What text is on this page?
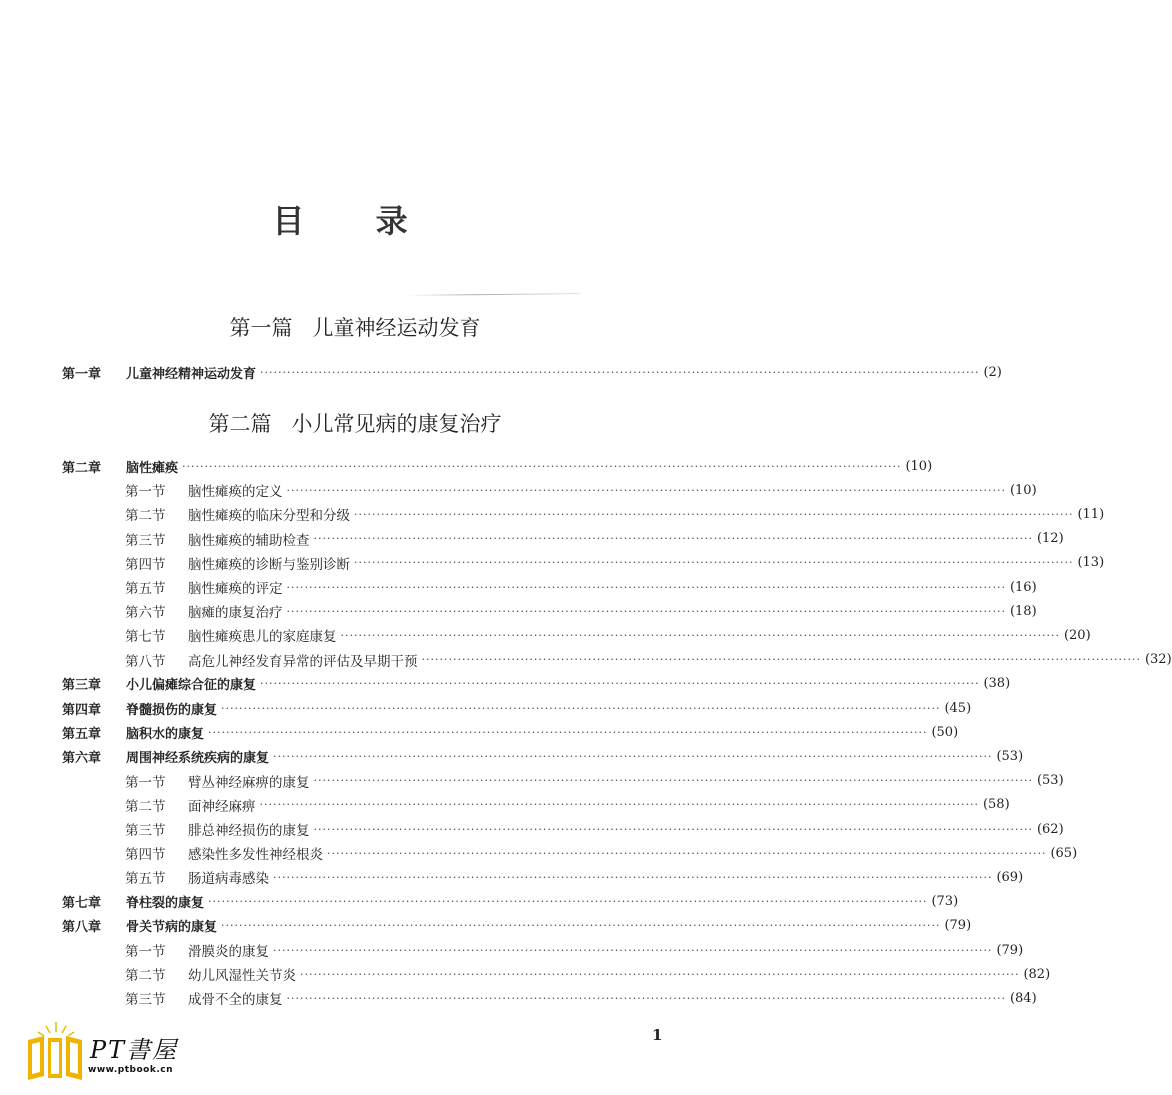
目 录
第一篇   儿童神经运动发育
第二篇   小儿常见病的康复治疗
第一章 儿童神经精神运动发育 ································································································································································ (2)
第二章 脑性瘫痪 ································································································································································ (10)
第一节 脑性瘫痪的定义 ································································································································································ (10)
第二节 脑性瘫痪的临床分型和分级 ································································································································································ (11)
第三节 脑性瘫痪的辅助检查 ································································································································································ (12)
第四节 脑性瘫痪的诊断与鉴别诊断 ································································································································································ (13)
第五节 脑性瘫痪的评定 ································································································································································ (16)
第六节 脑瘫的康复治疗 ································································································································································ (18)
第七节 脑性瘫痪患儿的家庭康复 ································································································································································ (20)
第八节 高危儿神经发育异常的评估及早期干预 ································································································································································ (32)
第三章 小儿偏瘫综合征的康复 ································································································································································ (38)
第四章 脊髓损伤的康复 ································································································································································ (45)
第五章 脑积水的康复 ································································································································································ (50)
第六章 周围神经系统疾病的康复 ································································································································································ (53)
第一节 臂丛神经麻痹的康复 ································································································································································ (53)
第二节 面神经麻痹 ································································································································································ (58)
第三节 腓总神经损伤的康复 ································································································································································ (62)
第四节 感染性多发性神经根炎 ································································································································································ (65)
第五节 肠道病毒感染 ································································································································································ (69)
第七章 脊柱裂的康复 ································································································································································ (73)
第八章 骨关节病的康复 ································································································································································ (79)
第一节 滑膜炎的康复 ································································································································································ (79)
第二节 幼儿风湿性关节炎 ································································································································································ (82)
第三节 成骨不全的康复 ································································································································································ (84)
1
PT書屋
www.ptbook.cn
